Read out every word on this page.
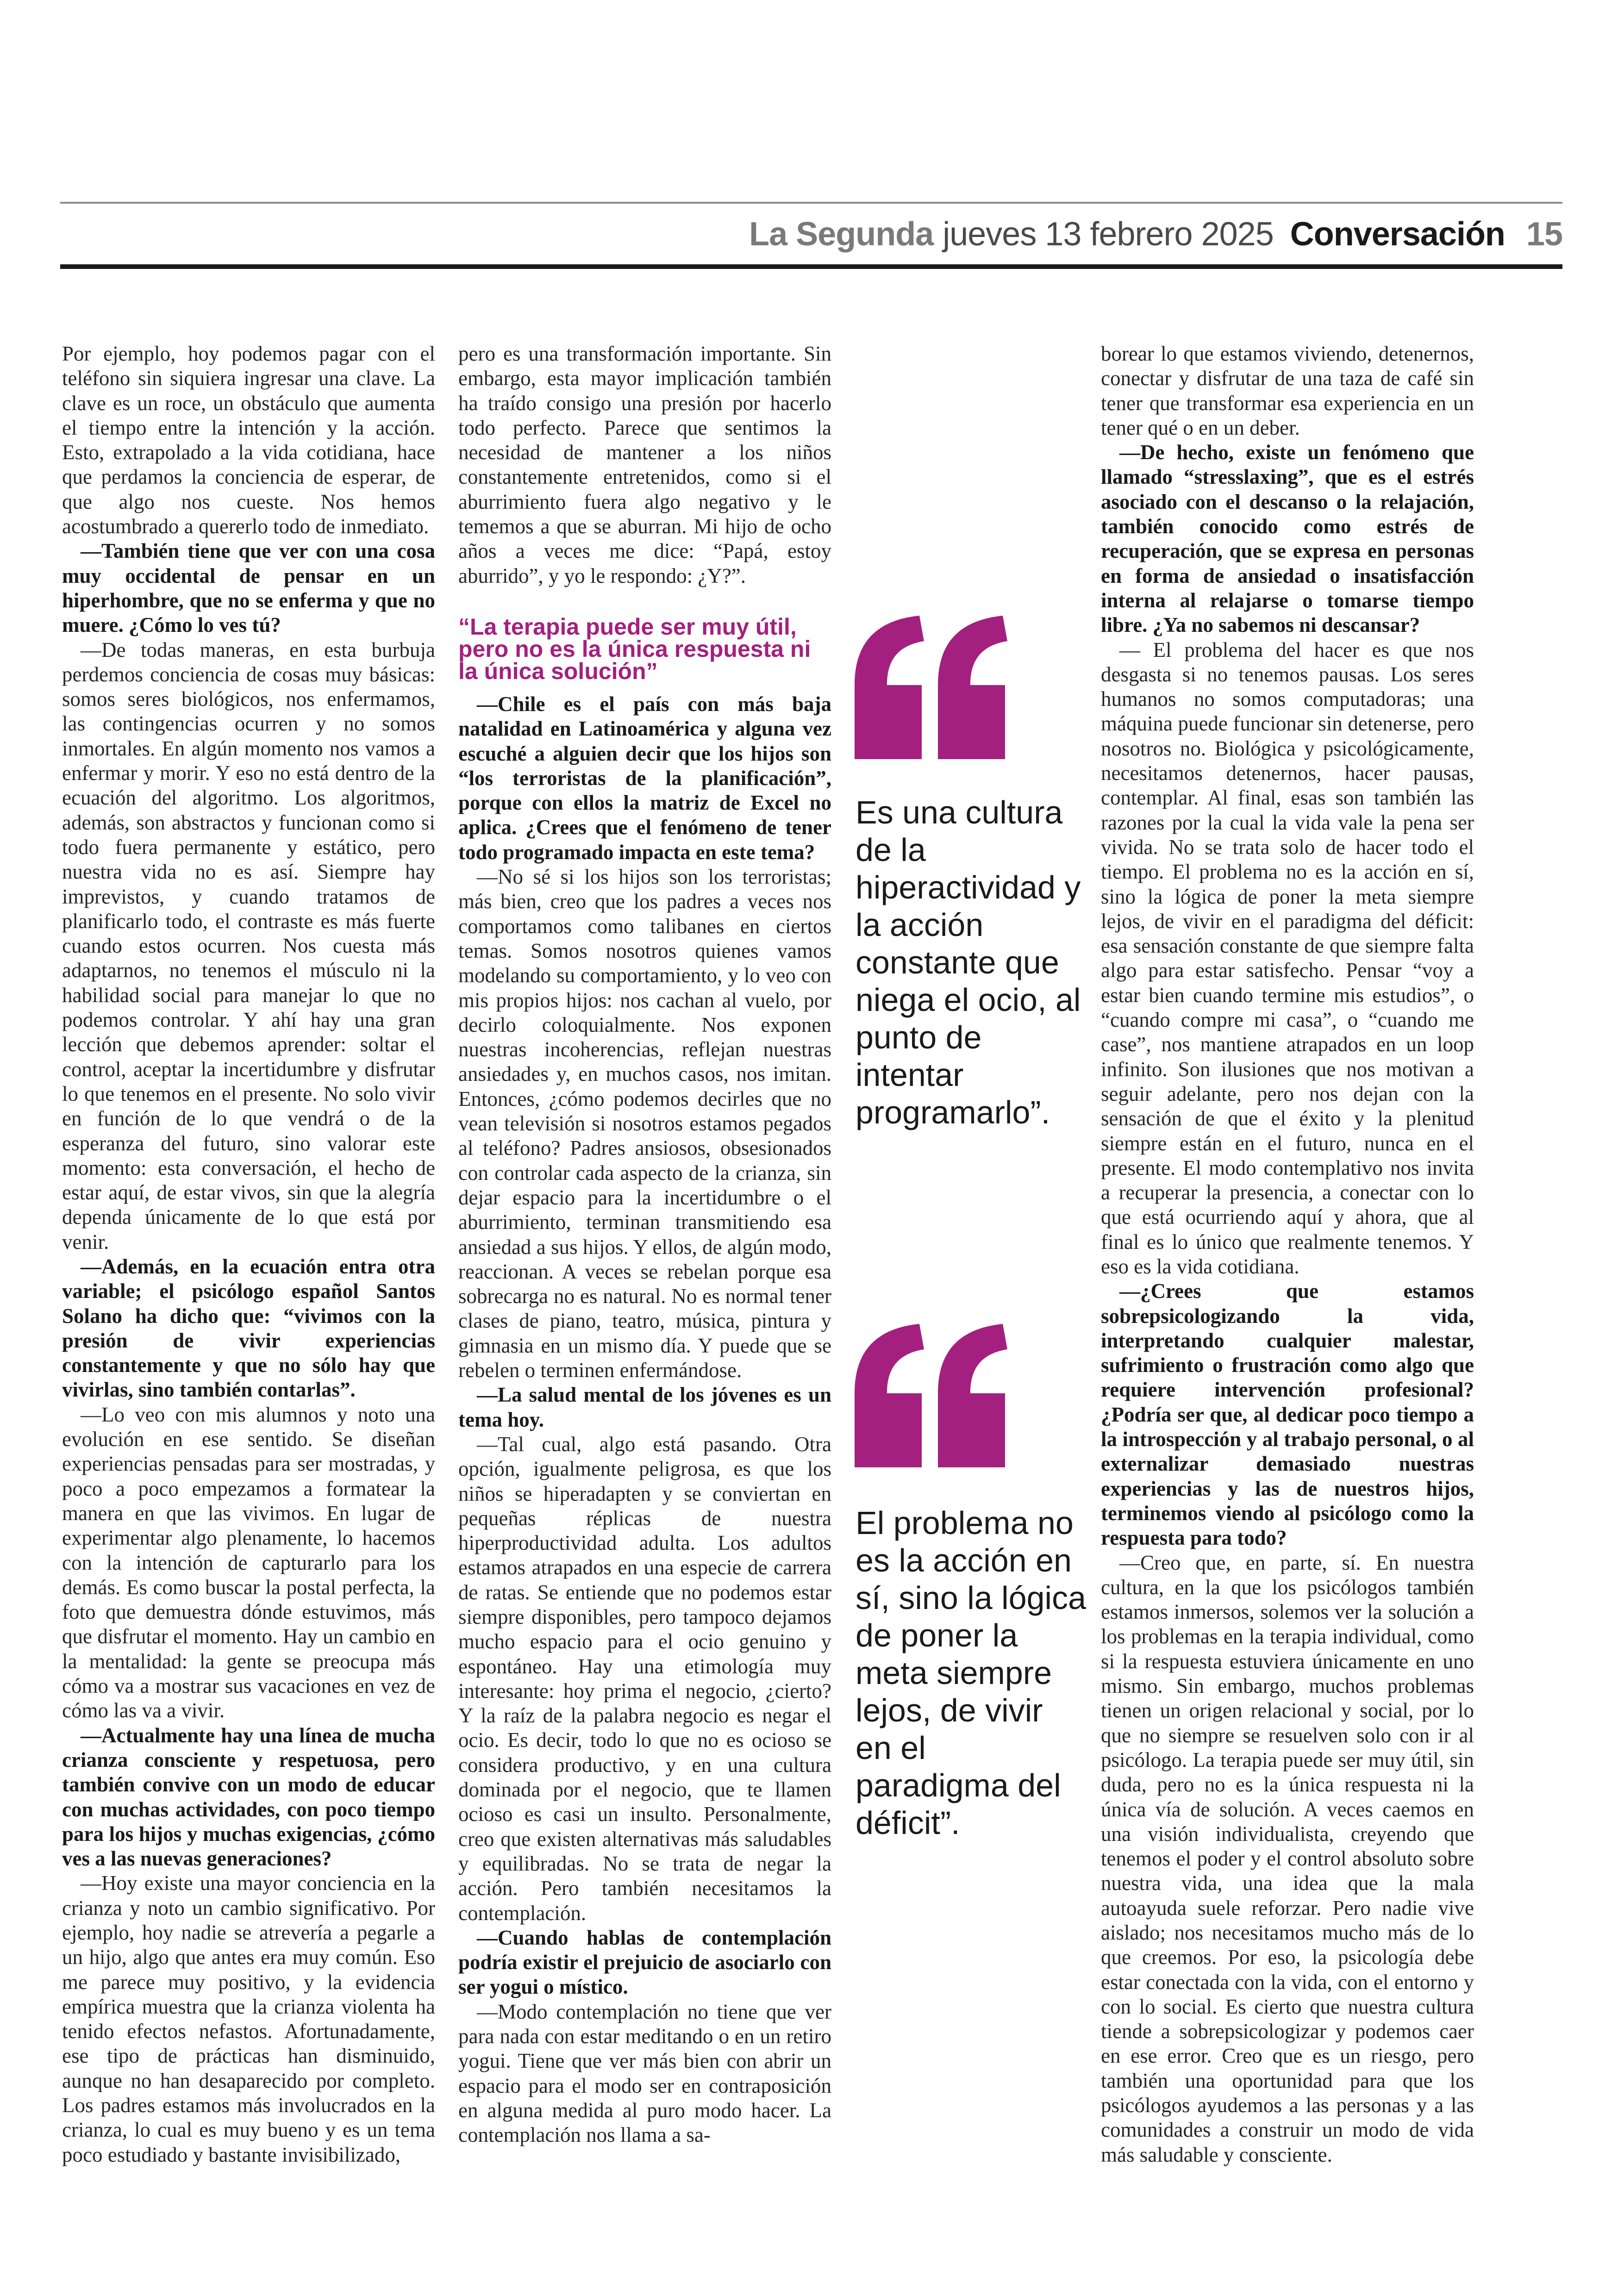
La Segunda jueves 13 febrero 2025 Conversación 15

Por ejemplo, hoy podemos pagar con el teléfono sin siquiera ingresar una clave. La clave es un roce, un obstáculo que aumenta el tiempo entre la intención y la acción. Esto, extrapolado a la vida cotidiana, hace que perdamos la conciencia de esperar, de que algo nos cueste. Nos hemos acostumbrado a quererlo todo de inmediato.

—También tiene que ver con una cosa muy occidental de pensar en un hiperhombre, que no se enferma y que no muere. ¿Cómo lo ves tú?

—De todas maneras, en esta burbuja perdemos conciencia de cosas muy básicas: somos seres biológicos, nos enfermamos, las contingencias ocurren y no somos inmortales. En algún momento nos vamos a enfermar y morir. Y eso no está dentro de la ecuación del algoritmo. Los algoritmos, además, son abstractos y funcionan como si todo fuera permanente y estático, pero nuestra vida no es así. Siempre hay imprevistos, y cuando tratamos de planificarlo todo, el contraste es más fuerte cuando estos ocurren. Nos cuesta más adaptarnos, no tenemos el músculo ni la habilidad social para manejar lo que no podemos controlar. Y ahí hay una gran lección que debemos aprender: soltar el control, aceptar la incertidumbre y disfrutar lo que tenemos en el presente. No solo vivir en función de lo que vendrá o de la esperanza del futuro, sino valorar este momento: esta conversación, el hecho de estar aquí, de estar vivos, sin que la alegría dependa únicamente de lo que está por venir.

—Además, en la ecuación entra otra variable; el psicólogo español Santos Solano ha dicho que: “vivimos con la presión de vivir experiencias constantemente y que no sólo hay que vivirlas, sino también contarlas”.

—Lo veo con mis alumnos y noto una evolución en ese sentido. Se diseñan experiencias pensadas para ser mostradas, y poco a poco empezamos a formatear la manera en que las vivimos. En lugar de experimentar algo plenamente, lo hacemos con la intención de capturarlo para los demás. Es como buscar la postal perfecta, la foto que demuestra dónde estuvimos, más que disfrutar el momento. Hay un cambio en la mentalidad: la gente se preocupa más cómo va a mostrar sus vacaciones en vez de cómo las va a vivir.

—Actualmente hay una línea de mucha crianza consciente y respetuosa, pero también convive con un modo de educar con muchas actividades, con poco tiempo para los hijos y muchas exigencias, ¿cómo ves a las nuevas generaciones?

—Hoy existe una mayor conciencia en la crianza y noto un cambio significativo. Por ejemplo, hoy nadie se atrevería a pegarle a un hijo, algo que antes era muy común. Eso me parece muy positivo, y la evidencia empírica muestra que la crianza violenta ha tenido efectos nefastos. Afortunadamente, ese tipo de prácticas han disminuido, aunque no han desaparecido por completo. Los padres estamos más involucrados en la crianza, lo cual es muy bueno y es un tema poco estudiado y bastante invisibilizado,

pero es una transformación importante. Sin embargo, esta mayor implicación también ha traído consigo una presión por hacerlo todo perfecto. Parece que sentimos la necesidad de mantener a los niños constantemente entretenidos, como si el aburrimiento fuera algo negativo y le tememos a que se aburran. Mi hijo de ocho años a veces me dice: “Papá, estoy aburrido”, y yo le respondo: ¿Y?”.

“La terapia puede ser muy útil, pero no es la única respuesta ni la única solución”

—Chile es el país con más baja natalidad en Latinoamérica y alguna vez escuché a alguien decir que los hijos son “los terroristas de la planificación”, porque con ellos la matriz de Excel no aplica. ¿Crees que el fenómeno de tener todo programado impacta en este tema?

—No sé si los hijos son los terroristas; más bien, creo que los padres a veces nos comportamos como talibanes en ciertos temas. Somos nosotros quienes vamos modelando su comportamiento, y lo veo con mis propios hijos: nos cachan al vuelo, por decirlo coloquialmente. Nos exponen nuestras incoherencias, reflejan nuestras ansiedades y, en muchos casos, nos imitan. Entonces, ¿cómo podemos decirles que no vean televisión si nosotros estamos pegados al teléfono? Padres ansiosos, obsesionados con controlar cada aspecto de la crianza, sin dejar espacio para la incertidumbre o el aburrimiento, terminan transmitiendo esa ansiedad a sus hijos. Y ellos, de algún modo, reaccionan. A veces se rebelan porque esa sobrecarga no es natural. No es normal tener clases de piano, teatro, música, pintura y gimnasia en un mismo día. Y puede que se rebelen o terminen enfermándose.

—La salud mental de los jóvenes es un tema hoy.

—Tal cual, algo está pasando. Otra opción, igualmente peligrosa, es que los niños se hiperadapten y se conviertan en pequeñas réplicas de nuestra hiperproductividad adulta. Los adultos estamos atrapados en una especie de carrera de ratas. Se entiende que no podemos estar siempre disponibles, pero tampoco dejamos mucho espacio para el ocio genuino y espontáneo. Hay una etimología muy interesante: hoy prima el negocio, ¿cierto? Y la raíz de la palabra negocio es negar el ocio. Es decir, todo lo que no es ocioso se considera productivo, y en una cultura dominada por el negocio, que te llamen ocioso es casi un insulto. Personalmente, creo que existen alternativas más saludables y equilibradas. No se trata de negar la acción. Pero también necesitamos la contemplación.

—Cuando hablas de contemplación podría existir el prejuicio de asociarlo con ser yogui o místico.

—Modo contemplación no tiene que ver para nada con estar meditando o en un retiro yogui. Tiene que ver más bien con abrir un espacio para el modo ser en contraposición en alguna medida al puro modo hacer. La contemplación nos llama a sa-

Es una cultura de la hiperactividad y la acción constante que niega el ocio, al punto de intentar programarlo”.
El problema no es la acción en sí, sino la lógica de poner la meta siempre lejos, de vivir en el paradigma del déficit”.

borear lo que estamos viviendo, detenernos, conectar y disfrutar de una taza de café sin tener que transformar esa experiencia en un tener qué o en un deber.

—De hecho, existe un fenómeno que llamado “stresslaxing”, que es el estrés asociado con el descanso o la relajación, también conocido como estrés de recuperación, que se expresa en personas en forma de ansiedad o insatisfacción interna al relajarse o tomarse tiempo libre. ¿Ya no sabemos ni descansar?

— El problema del hacer es que nos desgasta si no tenemos pausas. Los seres humanos no somos computadoras; una máquina puede funcionar sin detenerse, pero nosotros no. Biológica y psicológicamente, necesitamos detenernos, hacer pausas, contemplar. Al final, esas son también las razones por la cual la vida vale la pena ser vivida. No se trata solo de hacer todo el tiempo. El problema no es la acción en sí, sino la lógica de poner la meta siempre lejos, de vivir en el paradigma del déficit: esa sensación constante de que siempre falta algo para estar satisfecho. Pensar “voy a estar bien cuando termine mis estudios”, o “cuando compre mi casa”, o “cuando me case”, nos mantiene atrapados en un loop infinito. Son ilusiones que nos motivan a seguir adelante, pero nos dejan con la sensación de que el éxito y la plenitud siempre están en el futuro, nunca en el presente. El modo contemplativo nos invita a recuperar la presencia, a conectar con lo que está ocurriendo aquí y ahora, que al final es lo único que realmente tenemos. Y eso es la vida cotidiana.

—¿Crees que estamos sobrepsicologizando la vida, interpretando cualquier malestar, sufrimiento o frustración como algo que requiere intervención profesional? ¿Podría ser que, al dedicar poco tiempo a la introspección y al trabajo personal, o al externalizar demasiado nuestras experiencias y las de nuestros hijos, terminemos viendo al psicólogo como la respuesta para todo?

—Creo que, en parte, sí. En nuestra cultura, en la que los psicólogos también estamos inmersos, solemos ver la solución a los problemas en la terapia individual, como si la respuesta estuviera únicamente en uno mismo. Sin embargo, muchos problemas tienen un origen relacional y social, por lo que no siempre se resuelven solo con ir al psicólogo. La terapia puede ser muy útil, sin duda, pero no es la única respuesta ni la única vía de solución. A veces caemos en una visión individualista, creyendo que tenemos el poder y el control absoluto sobre nuestra vida, una idea que la mala autoayuda suele reforzar. Pero nadie vive aislado; nos necesitamos mucho más de lo que creemos. Por eso, la psicología debe estar conectada con la vida, con el entorno y con lo social. Es cierto que nuestra cultura tiende a sobrepsicologizar y podemos caer en ese error. Creo que es un riesgo, pero también una oportunidad para que los psicólogos ayudemos a las personas y a las comunidades a construir un modo de vida más saludable y consciente.
